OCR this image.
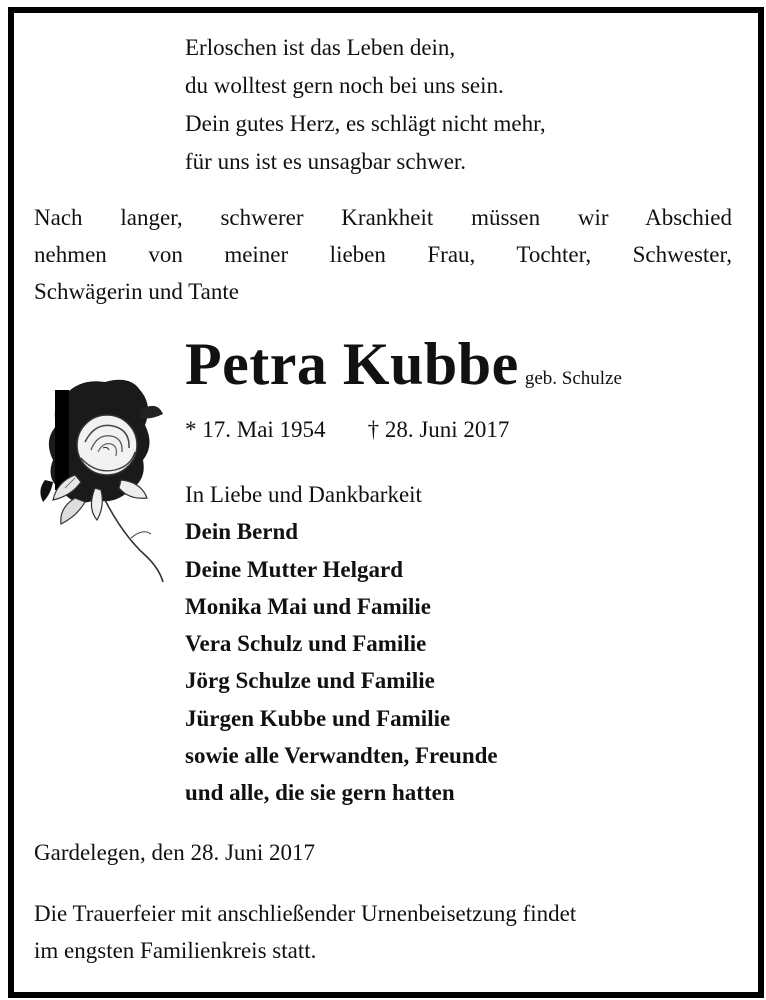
Erloschen ist das Leben dein,
du wolltest gern noch bei uns sein.
Dein gutes Herz, es schlägt nicht mehr,
für uns ist es unsagbar schwer.
Nach langer, schwerer Krankheit müssen wir Abschied
nehmen von meiner lieben Frau, Tochter, Schwester,
Schwägerin und Tante
Petra Kubbe geb. Schulze
* 17. Mai 1954 † 28. Juni 2017
In Liebe und Dankbarkeit
Dein Bernd
Deine Mutter Helgard
Monika Mai und Familie
Vera Schulz und Familie
Jörg Schulze und Familie
Jürgen Kubbe und Familie
sowie alle Verwandten, Freunde
und alle, die sie gern hatten
Gardelegen, den 28. Juni 2017
Die Trauerfeier mit anschließender Urnenbeisetzung findet
im engsten Familienkreis statt.
